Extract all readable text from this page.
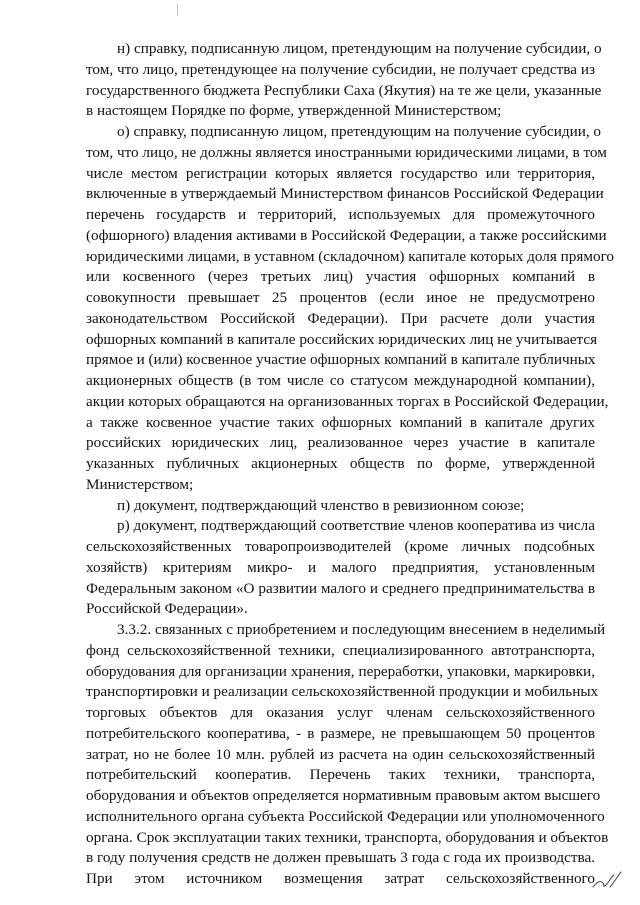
н) справку, подписанную лицом, претендующим на получение субсидии, о
том, что лицо, претендующее на получение субсидии, не получает средства из
государственного бюджета Республики Саха (Якутия) на те же цели, указанные
в настоящем Порядке по форме, утвержденной Министерством;
о) справку, подписанную лицом, претендующим на получение субсидии, о
том, что лицо, не должны является иностранными юридическими лицами, в том
числе местом регистрации которых является государство или территория,
включенные в утверждаемый Министерством финансов Российской Федерации
перечень государств и территорий, используемых для промежуточного
(офшорного) владения активами в Российской Федерации, а также российскими
юридическими лицами, в уставном (складочном) капитале которых доля прямого
или косвенного (через третьих лиц) участия офшорных компаний в
совокупности превышает 25 процентов (если иное не предусмотрено
законодательством Российской Федерации). При расчете доли участия
офшорных компаний в капитале российских юридических лиц не учитывается
прямое и (или) косвенное участие офшорных компаний в капитале публичных
акционерных обществ (в том числе со статусом международной компании),
акции которых обращаются на организованных торгах в Российской Федерации,
а также косвенное участие таких офшорных компаний в капитале других
российских юридических лиц, реализованное через участие в капитале
указанных публичных акционерных обществ по форме, утвержденной
Министерством;
п) документ, подтверждающий членство в ревизионном союзе;
р) документ, подтверждающий соответствие членов кооператива из числа
сельскохозяйственных товаропроизводителей (кроме личных подсобных
хозяйств) критериям микро- и малого предприятия, установленным
Федеральным законом «О развитии малого и среднего предпринимательства в
Российской Федерации».
3.3.2. связанных с приобретением и последующим внесением в неделимый
фонд сельскохозяйственной техники, специализированного автотранспорта,
оборудования для организации хранения, переработки, упаковки, маркировки,
транспортировки и реализации сельскохозяйственной продукции и мобильных
торговых объектов для оказания услуг членам сельскохозяйственного
потребительского кооператива, - в размере, не превышающем 50 процентов
затрат, но не более 10 млн. рублей из расчета на один сельскохозяйственный
потребительский кооператив. Перечень таких техники, транспорта,
оборудования и объектов определяется нормативным правовым актом высшего
исполнительного органа субъекта Российской Федерации или уполномоченного
органа. Срок эксплуатации таких техники, транспорта, оборудования и объектов
в году получения средств не должен превышать 3 года с года их производства.
При этом источником возмещения затрат сельскохозяйственного
